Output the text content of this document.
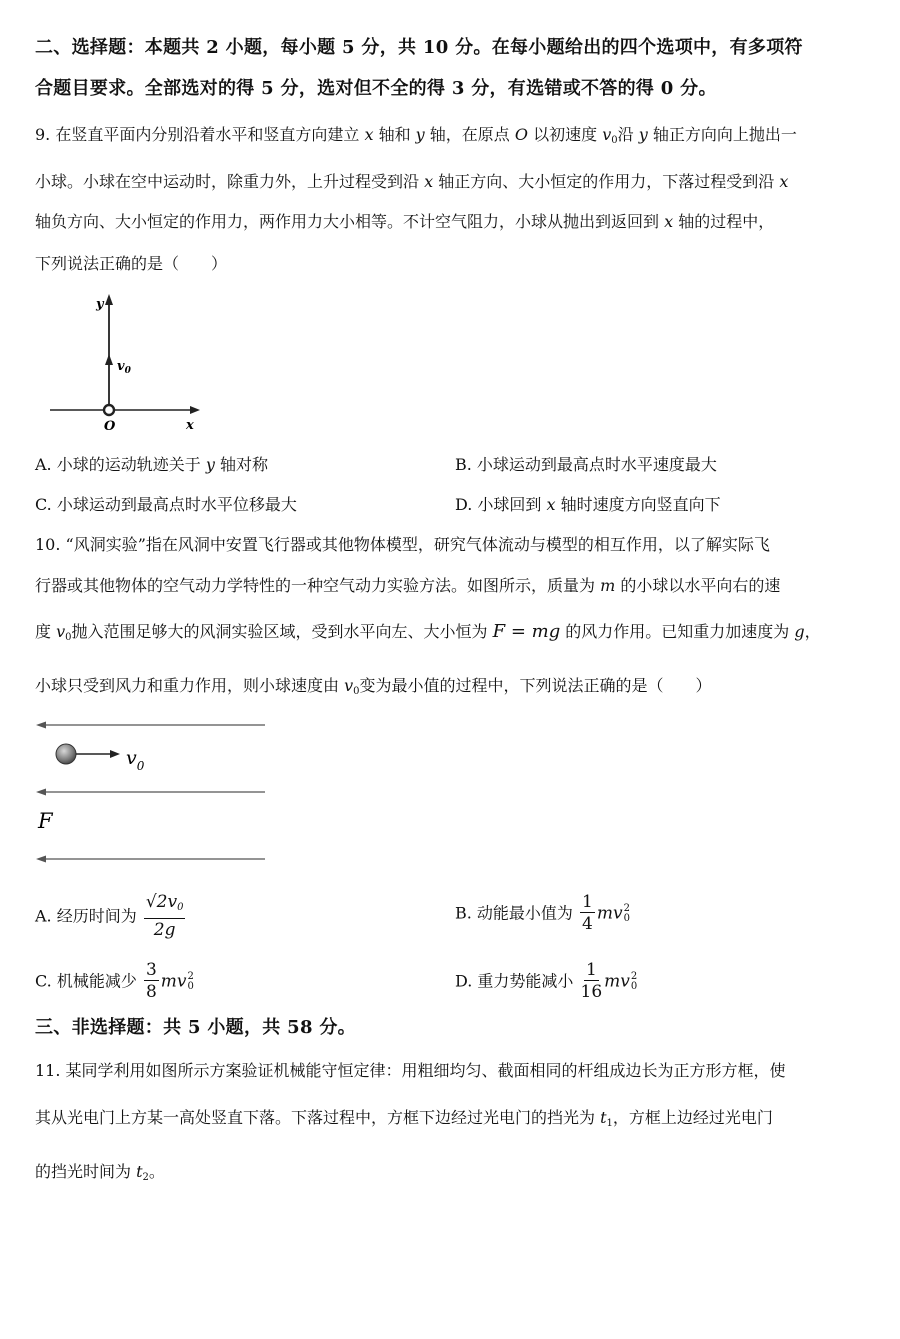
二、选择题：本题共 2 小题，每小题 5 分，共 10 分。在每小题给出的四个选项中，有多项符
合题目要求。全部选对的得 5 分，选对但不全的得 3 分，有选错或不答的得 0 分。
9. 在竖直平面内分别沿着水平和竖直方向建立 x 轴和 y 轴，在原点 O 以初速度 $v_0$沿 y 轴正方向向上抛出一
小球。小球在空中运动时，除重力外，上升过程受到沿 x 轴正方向、大小恒定的作用力，下落过程受到沿 x
轴负方向、大小恒定的作用力，两作用力大小相等。不计空气阻力，小球从抛出到返回到 x 轴的过程中，
下列说法正确的是（　　）
y
$v_0$
O	x
A. 小球的运动轨迹关于 y 轴对称	B. 小球运动到最高点时水平速度最大
C. 小球运动到最高点时水平位移最大	D. 小球回到 x 轴时速度方向竖直向下
10. “风洞实验”指在风洞中安置飞行器或其他物体模型，研究气体流动与模型的相互作用，以了解实际飞
行器或其他物体的空气动力学特性的一种空气动力实验方法。如图所示，质量为 m 的小球以水平向右的速
度 $v_0$抛入范围足够大的风洞实验区域，受到水平向左、大小恒为 F = mg 的风力作用。已知重力加速度为 g，
小球只受到风力和重力作用，则小球速度由 $v_0$变为最小值的过程中，下列说法正确的是（　　）
$v_0$
F
A. 经历时间为 $\frac{√2v_0}{2g}$	B. 动能最小值为 $\frac{1}{4}$ mv 2
0
C. 机械能减少 $\frac{3}{8}$ mv 2
0	D. 重力势能减小 $\frac{1}{16}$ mv 2
0
三、非选择题：共 5 小题，共 58 分。
11. 某同学利用如图所示方案验证机械能守恒定律：用粗细均匀、截面相同的杆组成边长为正方形方框，使
其从光电门上方某一高处竖直下落。下落过程中，方框下边经过光电门的挡光为 $t_1$，方框上边经过光电门
的挡光时间为 $t_2$。
